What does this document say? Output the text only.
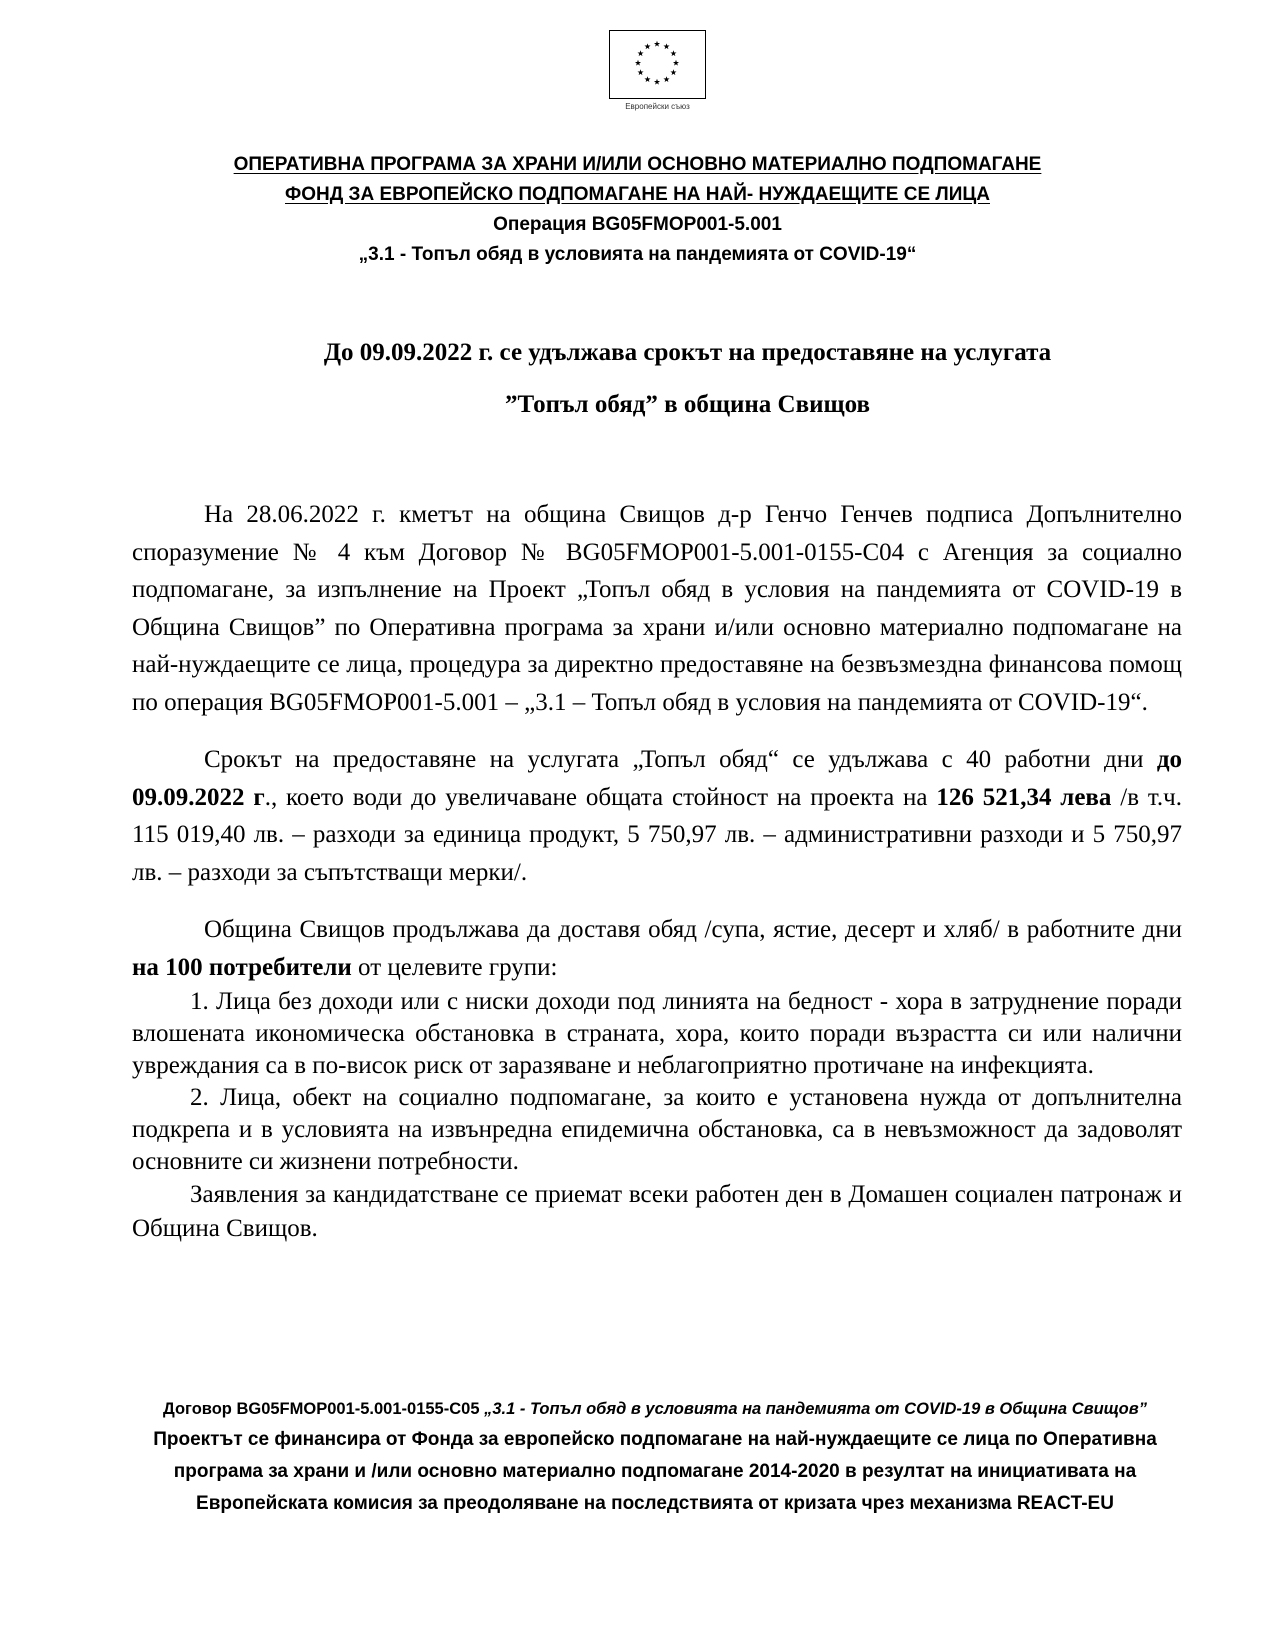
Европейски съюз
ОПЕРАТИВНА ПРОГРАМА ЗА ХРАНИ И/ИЛИ ОСНОВНО МАТЕРИАЛНО ПОДПОМАГАНЕ
ФОНД ЗА ЕВРОПЕЙСКО ПОДПОМАГАНЕ НА НАЙ- НУЖДАЕЩИТЕ СЕ ЛИЦА
Операция BG05FMOP001-5.001
„3.1 - Топъл обяд в условията на пандемията от COVID-19“

До 09.09.2022 г. се удължава срокът на предоставяне на услугата

”Топъл обяд” в община Свищов

На 28.06.2022 г. кметът на община Свищов д-р Генчо Генчев подписа Допълнително споразумение № 4 към Договор № BG05FMOP001-5.001-0155-C04 с Агенция за социално подпомагане, за изпълнение на Проект „Топъл обяд в условия на пандемията от COVID-19 в Община Свищов” по Оперативна програма за храни и/или основно материално подпомагане на най-нуждаещите се лица, процедура за директно предоставяне на безвъзмездна финансова помощ по операция BG05FMOP001-5.001 – „3.1 – Топъл обяд в условия на пандемията от COVID-19“.

Срокът на предоставяне на услугата „Топъл обяд“ се удължава с 40 работни дни до 09.09.2022 г., което води до увеличаване общата стойност на проекта на 126 521,34 лева /в т.ч. 115 019,40 лв. – разходи за единица продукт, 5 750,97 лв. – административни разходи и 5 750,97 лв. – разходи за съпътстващи мерки/.

Община Свищов продължава да доставя обяд /супа, ястие, десерт и хляб/ в работните дни на 100 потребители от целевите групи:

1. Лица без доходи или с ниски доходи под линията на бедност - хора в затруднение поради влошената икономическа обстановка в страната, хора, които поради възрастта си или налични увреждания са в по-висок риск от заразяване и неблагоприятно протичане на инфекцията.
2. Лица, обект на социално подпомагане, за които е установена нужда от допълнителна подкрепа и в условията на извънредна епидемична обстановка, са в невъзможност да задоволят основните си жизнени потребности.

Заявления за кандидатстване се приемат всеки работен ден в Домашен социален патронаж и Община Свищов.

Договор BG05FMOP001-5.001-0155-C05 „3.1 - Топъл обяд в условията на пандемията от COVID-19 в Община Свищов”
Проектът се финансира от Фонда за европейско подпомагане на най-нуждаещите се лица по Оперативна програма за храни и /или основно материално подпомагане 2014-2020 в резултат на инициативата на Европейската комисия за преодоляване на последствията от кризата чрез механизма REACT-EU
